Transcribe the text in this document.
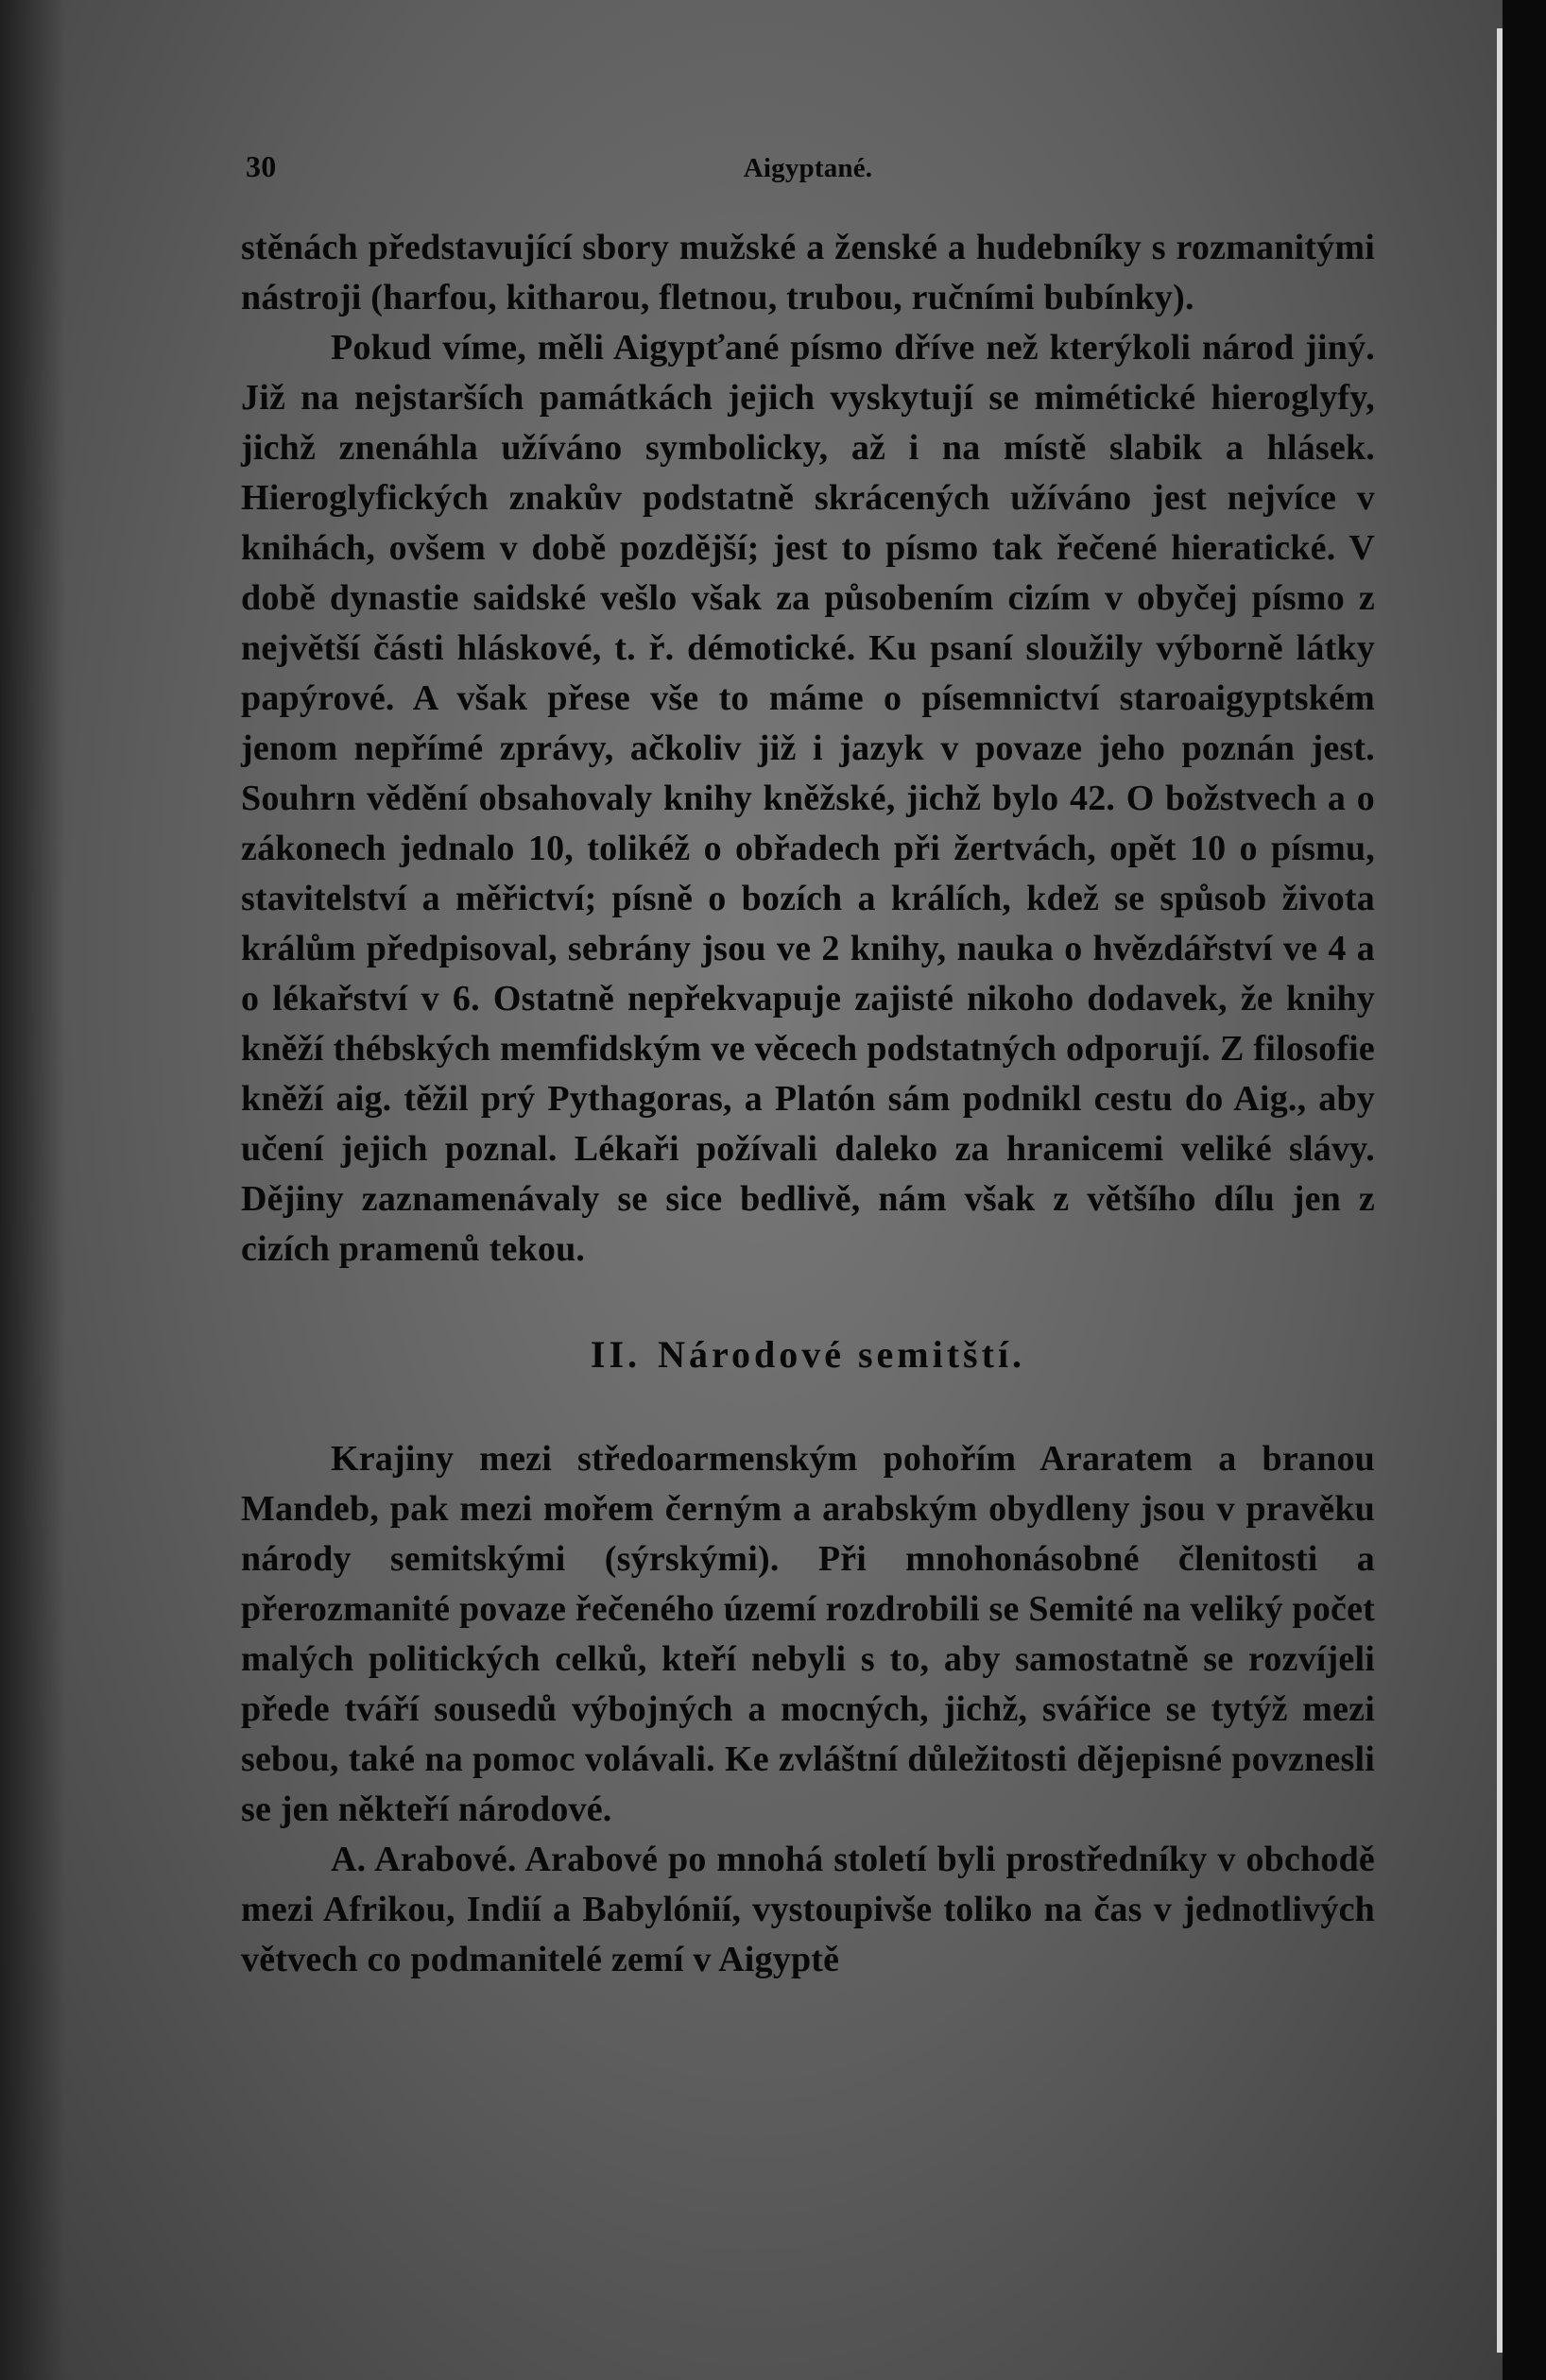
30	Aigyptané.

stěnách představující sbory mužské a ženské a hudebníky s rozmanitými nástroji (harfou, kitharou, fletnou, trubou, ručními bubínky).

Pokud víme, měli Aigypťané písmo dříve než kterýkoli národ jiný. Již na nejstarších památkách jejich vyskytují se mimétické hieroglyfy, jichž znenáhla užíváno symbolicky, až i na místě slabik a hlásek. Hieroglyfických znakův podstatně skrácených užíváno jest nejvíce v knihách, ovšem v době pozdější; jest to písmo tak řečené hieratické. V době dynastie saidské vešlo však za působením cizím v obyčej písmo z největší části hláskové, t. ř. démotické. Ku psaní sloužily výborně látky papýrové. A však přese vše to máme o písemnictví staroaigyptském jenom nepřímé zprávy, ačkoliv již i jazyk v povaze jeho poznán jest. Souhrn vědění obsahovaly knihy kněžské, jichž bylo 42. O božstvech a o zákonech jednalo 10, tolikéž o obřadech při žertvách, opět 10 o písmu, stavitelství a měřictví; písně o bozích a králích, kdež se spůsob života králům předpisoval, sebrány jsou ve 2 knihy, nauka o hvězdářství ve 4 a o lékařství v 6. Ostatně nepřekvapuje zajisté nikoho dodavek, že knihy kněží thébských memfidským ve věcech podstatných odporují. Z filosofie kněží aig. těžil prý Pythagoras, a Platón sám podnikl cestu do Aig., aby učení jejich poznal. Lékaři požívali daleko za hranicemi veliké slávy. Dějiny zaznamenávaly se sice bedlivě, nám však z většího dílu jen z cizích pramenů tekou.

II. Národové semitští.

Krajiny mezi středoarmenským pohořím Araratem a branou Mandeb, pak mezi mořem černým a arabským obydleny jsou v pravěku národy semitskými (sýrskými). Při mnohonásobné členitosti a přerozmanité povaze řečeného území rozdrobili se Semité na veliký počet malých politických celků, kteří nebyli s to, aby samostatně se rozvíjeli přede tváří sousedů výbojných a mocných, jichž, svářice se tytýž mezi sebou, také na pomoc volávali. Ke zvláštní důležitosti dějepisné povznesli se jen někteří národové.

A. Arabové. Arabové po mnohá století byli prostředníky v obchodě mezi Afrikou, Indií a Babylónií, vystoupivše toliko na čas v jednotlivých větvech co podmanitelé zemí v Aigyptě
